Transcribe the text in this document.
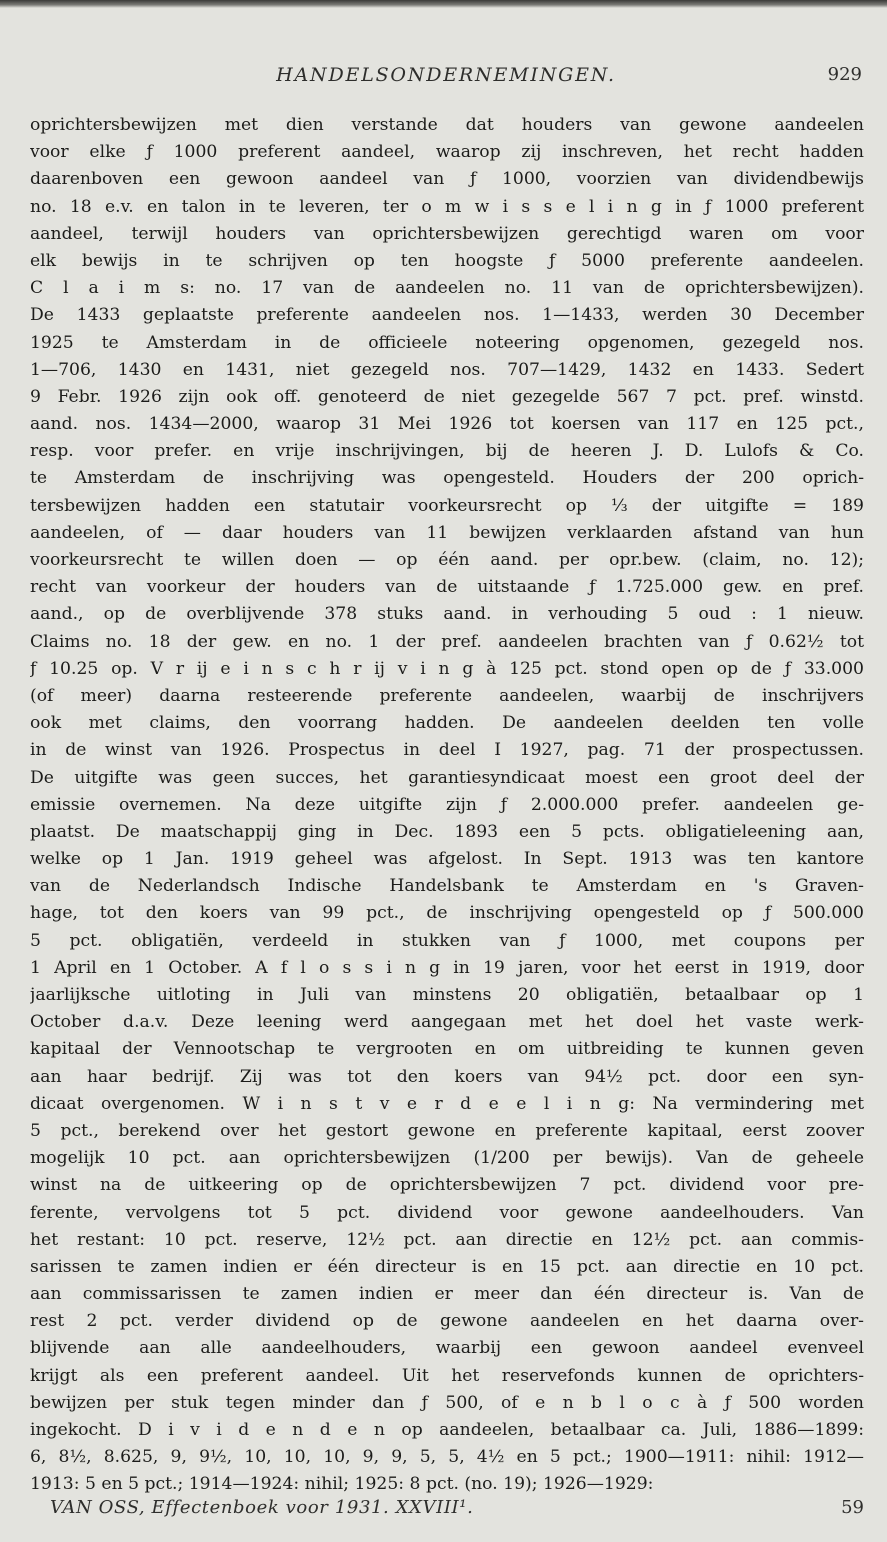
HANDELSONDERNEMINGEN.	929
oprichtersbewijzen met dien verstande dat houders van gewone aandeelen
voor elke ƒ 1000 preferent aandeel, waarop zij inschreven, het recht hadden
daarenboven een gewoon aandeel van ƒ 1000, voorzien van dividendbewijs
no. 18 e.v. en talon in te leveren, ter o m w i s s e l i n g in ƒ 1000 preferent
aandeel, terwijl houders van oprichtersbewijzen gerechtigd waren om voor
elk bewijs in te schrijven op ten hoogste ƒ 5000 preferente aandeelen.
C l a i m s: no. 17 van de aandeelen no. 11 van de oprichtersbewijzen).
De 1433 geplaatste preferente aandeelen nos. 1—1433, werden 30 December
1925 te Amsterdam in de officieele noteering opgenomen, gezegeld nos.
1—706, 1430 en 1431, niet gezegeld nos. 707—1429, 1432 en 1433. Sedert
9 Febr. 1926 zijn ook off. genoteerd de niet gezegelde 567 7 pct. pref. winstd.
aand. nos. 1434—2000, waarop 31 Mei 1926 tot koersen van 117 en 125 pct.,
resp. voor prefer. en vrije inschrijvingen, bij de heeren J. D. Lulofs & Co.
te Amsterdam de inschrijving was opengesteld. Houders der 200 oprich-
tersbewijzen hadden een statutair voorkeursrecht op ⅓ der uitgifte = 189
aandeelen, of — daar houders van 11 bewijzen verklaarden afstand van hun
voorkeursrecht te willen doen — op één aand. per opr.bew. (claim, no. 12);
recht van voorkeur der houders van de uitstaande ƒ 1.725.000 gew. en pref.
aand., op de overblijvende 378 stuks aand. in verhouding 5 oud : 1 nieuw.
Claims no. 18 der gew. en no. 1 der pref. aandeelen brachten van ƒ 0.62½ tot
ƒ 10.25 op. V r ij e i n s c h r ij v i n g à 125 pct. stond open op de ƒ 33.000
(of meer) daarna resteerende preferente aandeelen, waarbij de inschrijvers
ook met claims, den voorrang hadden. De aandeelen deelden ten volle
in de winst van 1926. Prospectus in deel I 1927, pag. 71 der prospectussen.
De uitgifte was geen succes, het garantiesyndicaat moest een groot deel der
emissie overnemen. Na deze uitgifte zijn ƒ 2.000.000 prefer. aandeelen ge-
plaatst. De maatschappij ging in Dec. 1893 een 5 pcts. obligatieleening aan,
welke op 1 Jan. 1919 geheel was afgelost. In Sept. 1913 was ten kantore
van de Nederlandsch Indische Handelsbank te Amsterdam en 's Graven-
hage, tot den koers van 99 pct., de inschrijving opengesteld op ƒ 500.000
5 pct. obligatiën, verdeeld in stukken van ƒ 1000, met coupons per
1 April en 1 October. A f l o s s i n g in 19 jaren, voor het eerst in 1919, door
jaarlijksche uitloting in Juli van minstens 20 obligatiën, betaalbaar op 1
October d.a.v. Deze leening werd aangegaan met het doel het vaste werk-
kapitaal der Vennootschap te vergrooten en om uitbreiding te kunnen geven
aan haar bedrijf. Zij was tot den koers van 94½ pct. door een syn-
dicaat overgenomen. W i n s t v e r d e e l i n g: Na vermindering met
5 pct., berekend over het gestort gewone en preferente kapitaal, eerst zoover
mogelijk 10 pct. aan oprichtersbewijzen (1/200 per bewijs). Van de geheele
winst na de uitkeering op de oprichtersbewijzen 7 pct. dividend voor pre-
ferente, vervolgens tot 5 pct. dividend voor gewone aandeelhouders. Van
het restant: 10 pct. reserve, 12½ pct. aan directie en 12½ pct. aan commis-
sarissen te zamen indien er één directeur is en 15 pct. aan directie en 10 pct.
aan commissarissen te zamen indien er meer dan één directeur is. Van de
rest 2 pct. verder dividend op de gewone aandeelen en het daarna over-
blijvende aan alle aandeelhouders, waarbij een gewoon aandeel evenveel
krijgt als een preferent aandeel. Uit het reservefonds kunnen de oprichters-
bewijzen per stuk tegen minder dan ƒ 500, of e n b l o c à ƒ 500 worden
ingekocht. D i v i d e n d e n op aandeelen, betaalbaar ca. Juli, 1886—1899:
6, 8½, 8.625, 9, 9½, 10, 10, 10, 9, 9, 5, 5, 4½ en 5 pct.; 1900—1911: nihil: 1912—
1913: 5 en 5 pct.; 1914—1924: nihil; 1925: 8 pct. (no. 19); 1926—1929:
VAN OSS, Effectenboek voor 1931. XXVIII¹.	59
